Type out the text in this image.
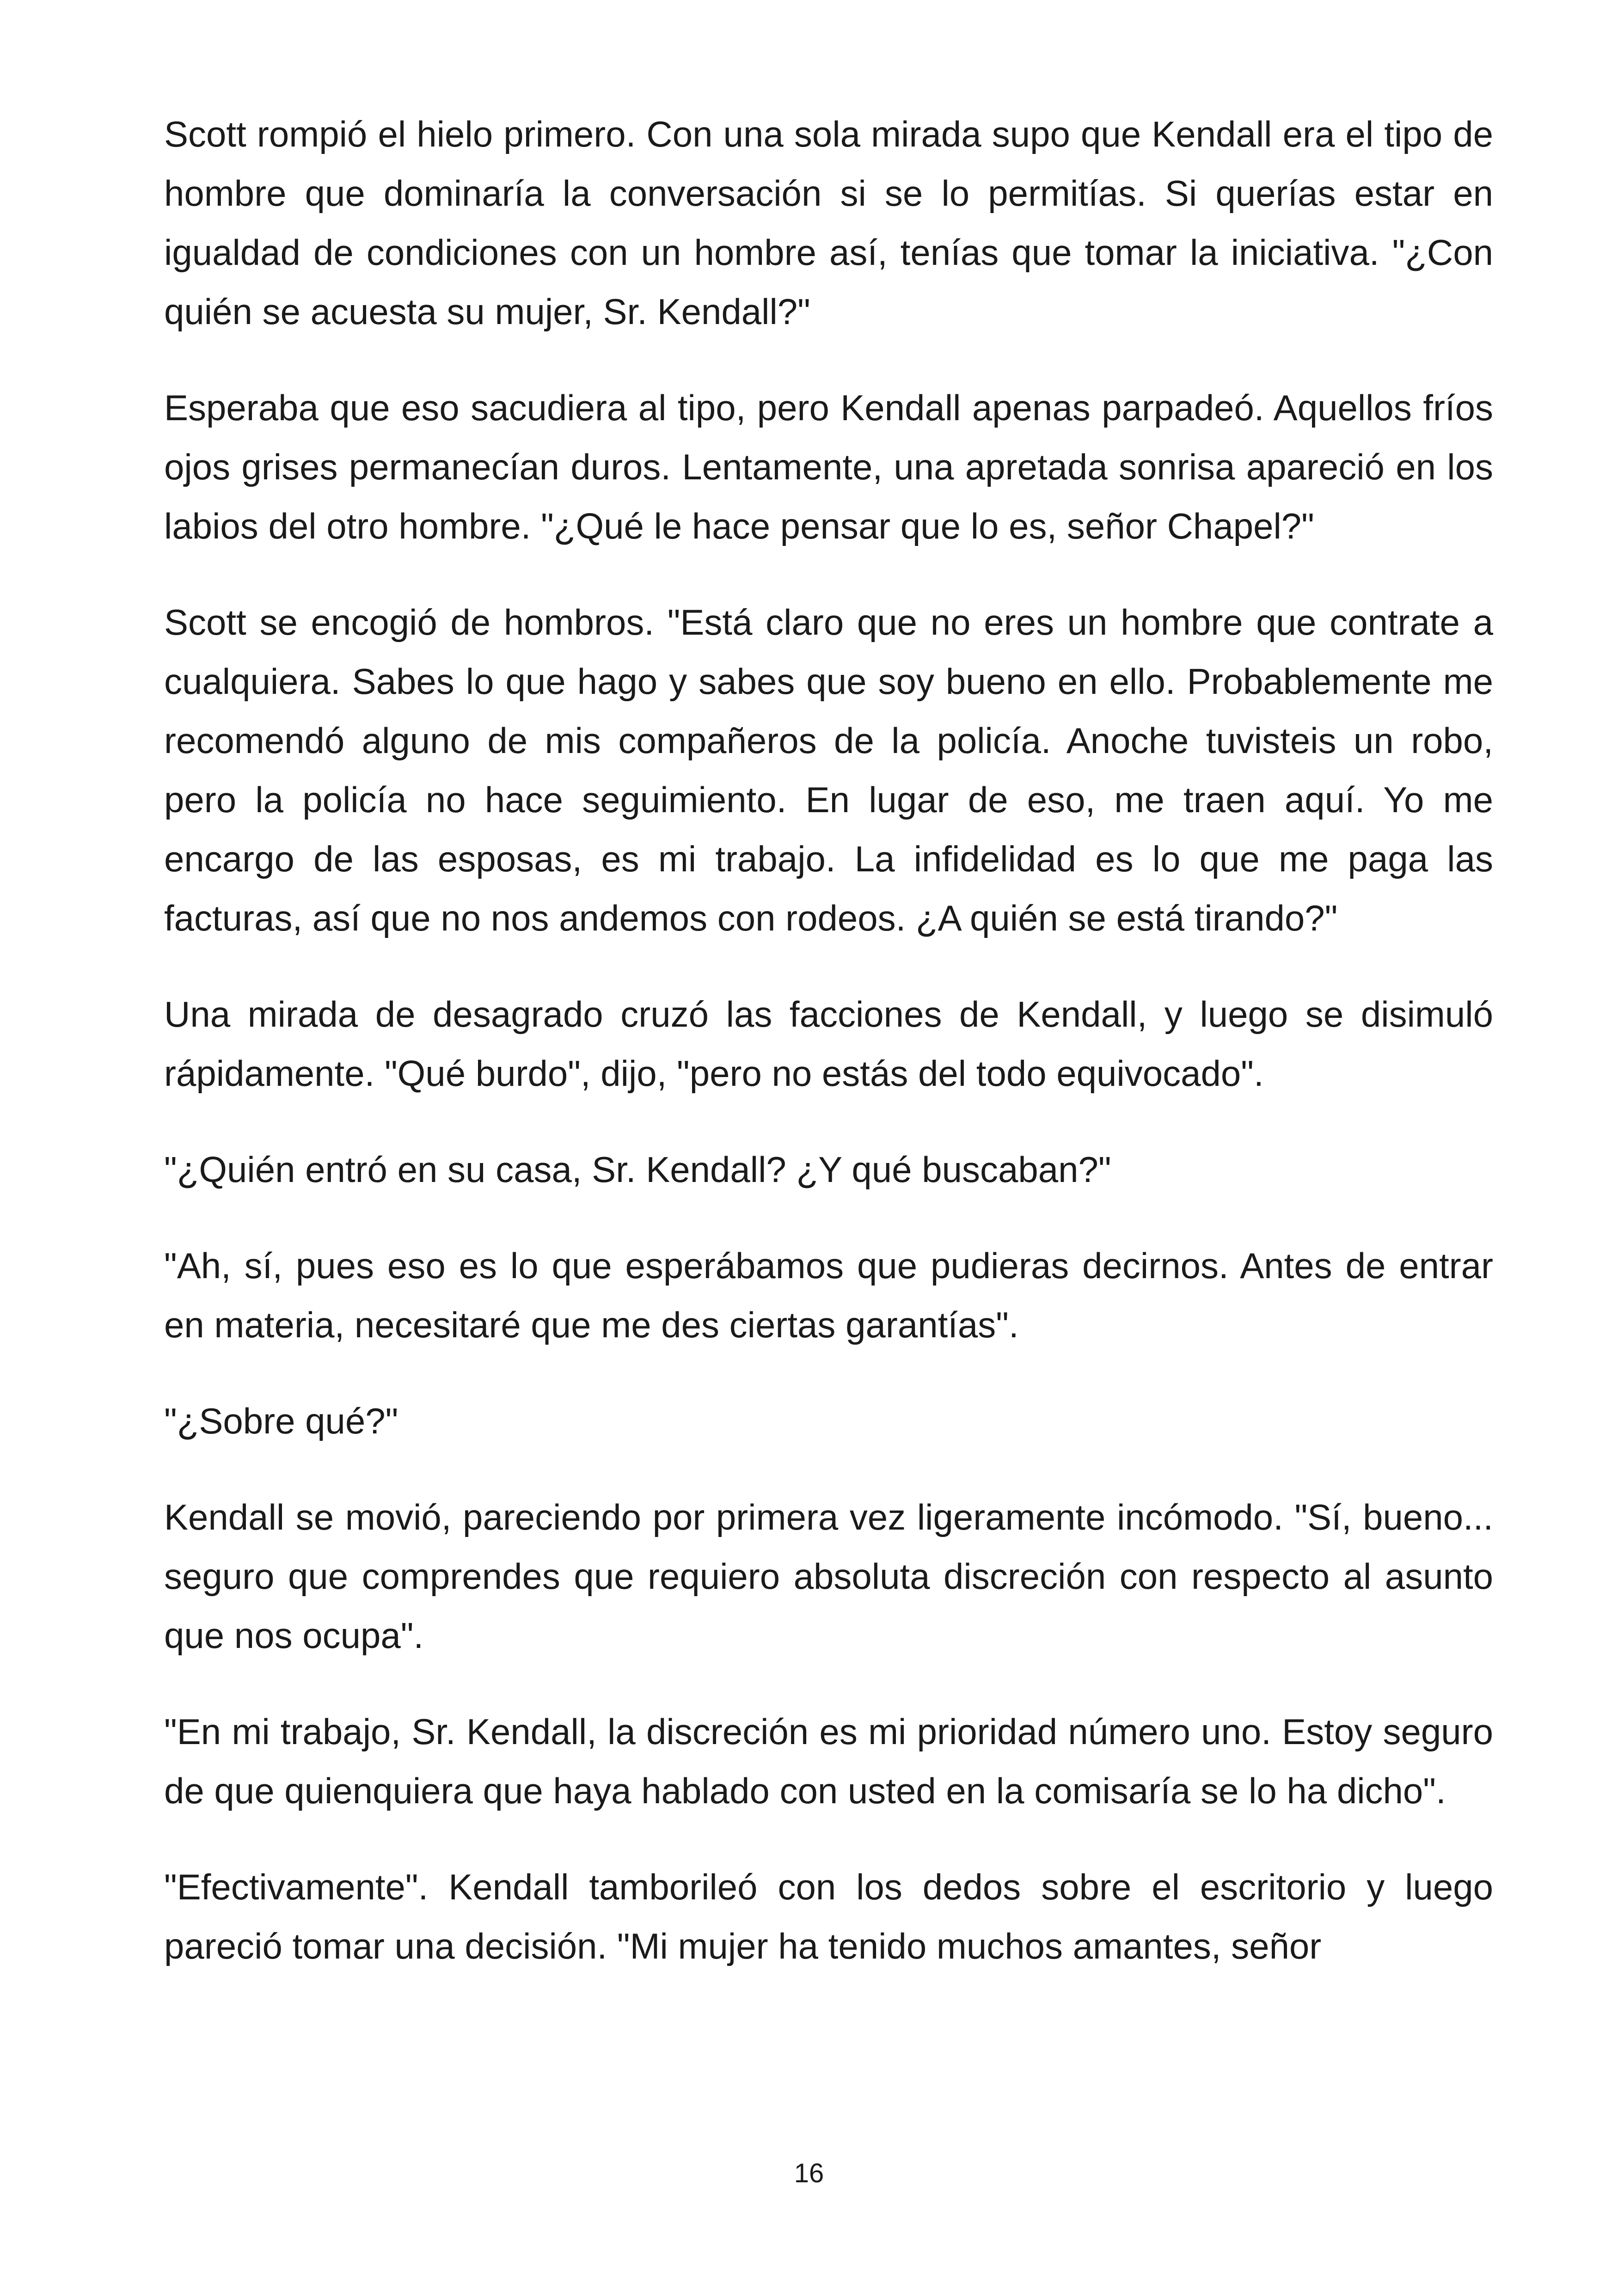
Scott rompió el hielo primero. Con una sola mirada supo que Kendall era el tipo de hombre que dominaría la conversación si se lo permitías. Si querías estar en igualdad de condiciones con un hombre así, tenías que tomar la iniciativa. "¿Con quién se acuesta su mujer, Sr. Kendall?"

Esperaba que eso sacudiera al tipo, pero Kendall apenas parpadeó. Aquellos fríos ojos grises permanecían duros. Lentamente, una apretada sonrisa apareció en los labios del otro hombre. "¿Qué le hace pensar que lo es, señor Chapel?"

Scott se encogió de hombros. "Está claro que no eres un hombre que contrate a cualquiera. Sabes lo que hago y sabes que soy bueno en ello. Probablemente me recomendó alguno de mis compañeros de la policía. Anoche tuvisteis un robo, pero la policía no hace seguimiento. En lugar de eso, me traen aquí. Yo me encargo de las esposas, es mi trabajo. La infidelidad es lo que me paga las facturas, así que no nos andemos con rodeos. ¿A quién se está tirando?"

Una mirada de desagrado cruzó las facciones de Kendall, y luego se disimuló rápidamente. "Qué burdo", dijo, "pero no estás del todo equivocado".

"¿Quién entró en su casa, Sr. Kendall? ¿Y qué buscaban?"

"Ah, sí, pues eso es lo que esperábamos que pudieras decirnos. Antes de entrar en materia, necesitaré que me des ciertas garantías".

"¿Sobre qué?"

Kendall se movió, pareciendo por primera vez ligeramente incómodo. "Sí, bueno... seguro que comprendes que requiero absoluta discreción con respecto al asunto que nos ocupa".

"En mi trabajo, Sr. Kendall, la discreción es mi prioridad número uno. Estoy seguro de que quienquiera que haya hablado con usted en la comisaría se lo ha dicho".

"Efectivamente". Kendall tamborileó con los dedos sobre el escritorio y luego pareció tomar una decisión. "Mi mujer ha tenido muchos amantes, señor

16
